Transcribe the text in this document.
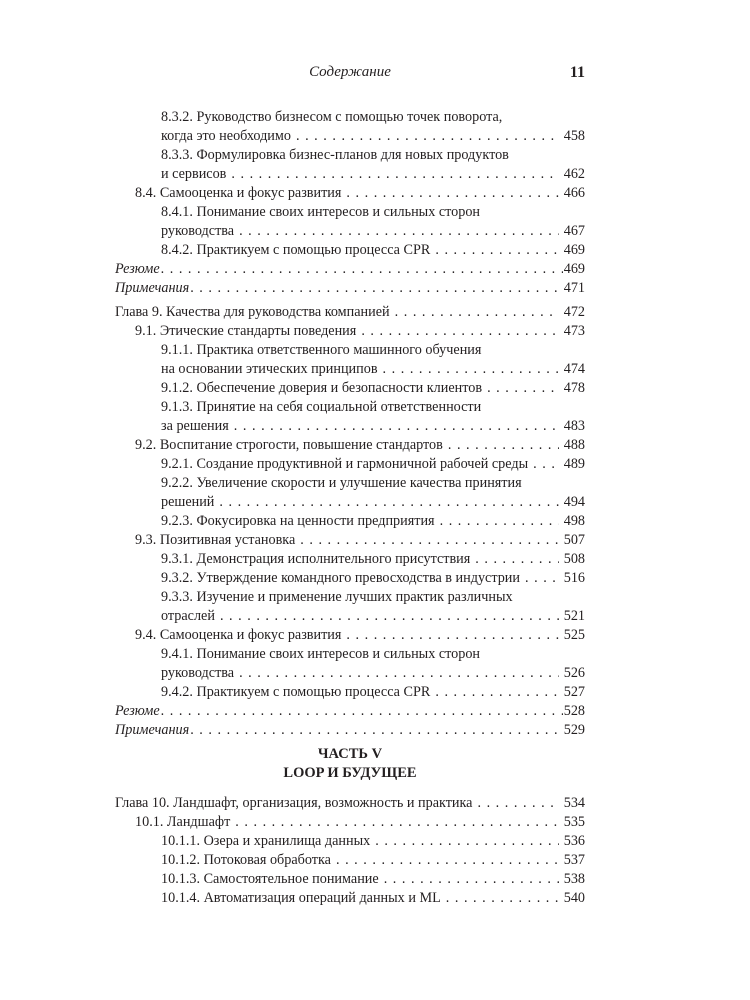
Содержание	11
8.3.2. Руководство бизнесом с помощью точек поворота,
когда это необходимо . . .	458
8.3.3. Формулировка бизнес-планов для новых продуктов
и сервисов . . .	462
8.4. Самооценка и фокус развития . . .	466
8.4.1. Понимание своих интересов и сильных сторон
руководства . . .	467
8.4.2. Практикуем с помощью процесса CPR . . .	469
Резюме . . .	469
Примечания . . .	471
Глава 9. Качества для руководства компанией . . .	472
9.1. Этические стандарты поведения . . .	473
9.1.1. Практика ответственного машинного обучения
на основании этических принципов . . .	474
9.1.2. Обеспечение доверия и безопасности клиентов . . .	478
9.1.3. Принятие на себя социальной ответственности
за решения . . .	483
9.2. Воспитание строгости, повышение стандартов . . .	488
9.2.1. Создание продуктивной и гармоничной рабочей среды . . .	489
9.2.2. Увеличение скорости и улучшение качества принятия
решений . . .	494
9.2.3. Фокусировка на ценности предприятия . . .	498
9.3. Позитивная установка . . .	507
9.3.1. Демонстрация исполнительного присутствия . . .	508
9.3.2. Утверждение командного превосходства в индустрии . . .	516
9.3.3. Изучение и применение лучших практик различных
отраслей . . .	521
9.4. Самооценка и фокус развития . . .	525
9.4.1. Понимание своих интересов и сильных сторон
руководства . . .	526
9.4.2. Практикуем с помощью процесса CPR . . .	527
Резюме . . .	528
Примечания . . .	529
ЧАСТЬ V
LOOP И БУДУЩЕЕ
Глава 10. Ландшафт, организация, возможность и практика . . .	534
10.1. Ландшафт . . .	535
10.1.1. Озера и хранилища данных . . .	536
10.1.2. Потоковая обработка . . .	537
10.1.3. Самостоятельное понимание . . .	538
10.1.4. Автоматизация операций данных и ML . . .	540
